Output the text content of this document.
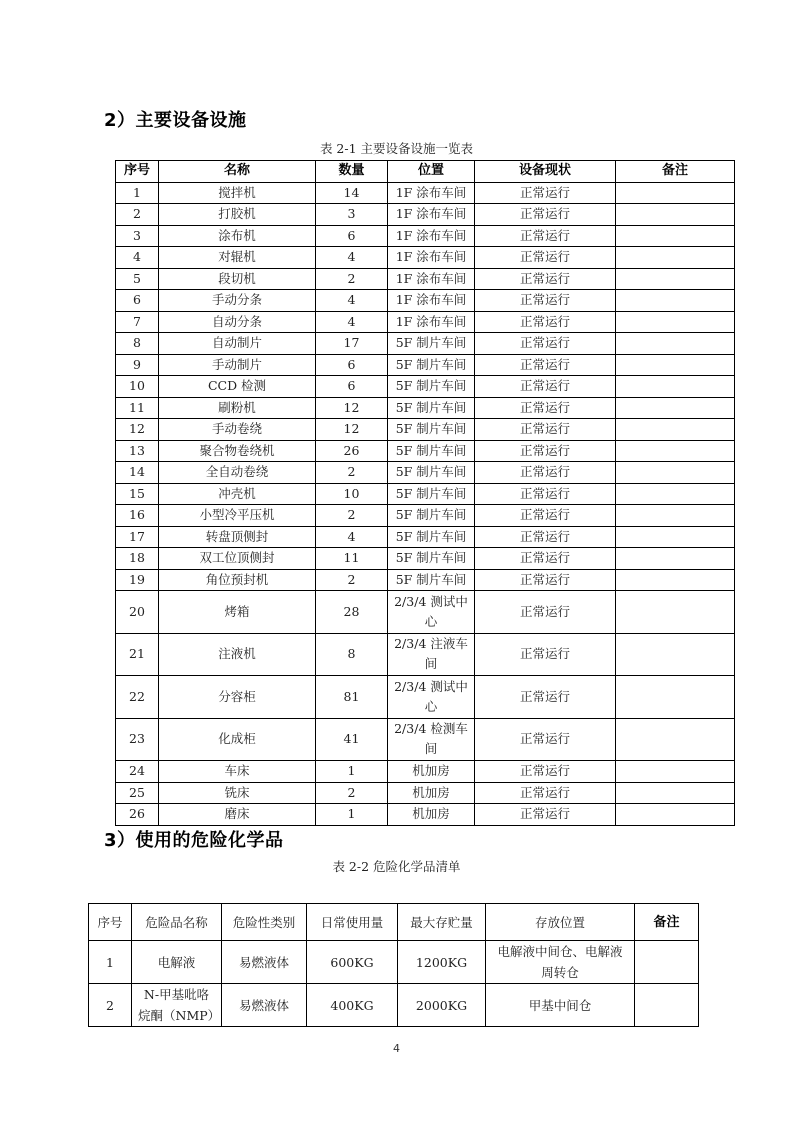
2）主要设备设施
表 2-1 主要设备设施一览表
序号	名称	数量	位置	设备现状	备注
1	搅拌机	14	1F 涂布车间	正常运行	
2	打胶机	3	1F 涂布车间	正常运行	
3	涂布机	6	1F 涂布车间	正常运行	
4	对辊机	4	1F 涂布车间	正常运行	
5	段切机	2	1F 涂布车间	正常运行	
6	手动分条	4	1F 涂布车间	正常运行	
7	自动分条	4	1F 涂布车间	正常运行	
8	自动制片	17	5F 制片车间	正常运行	
9	手动制片	6	5F 制片车间	正常运行	
10	CCD 检测	6	5F 制片车间	正常运行	
11	刷粉机	12	5F 制片车间	正常运行	
12	手动卷绕	12	5F 制片车间	正常运行	
13	聚合物卷绕机	26	5F 制片车间	正常运行	
14	全自动卷绕	2	5F 制片车间	正常运行	
15	冲壳机	10	5F 制片车间	正常运行	
16	小型冷平压机	2	5F 制片车间	正常运行	
17	转盘顶侧封	4	5F 制片车间	正常运行	
18	双工位顶侧封	11	5F 制片车间	正常运行	
19	角位预封机	2	5F 制片车间	正常运行	
20	烤箱	28	2/3/4 测试中心	正常运行	
21	注液机	8	2/3/4 注液车间	正常运行	
22	分容柜	81	2/3/4 测试中心	正常运行	
23	化成柜	41	2/3/4 检测车间	正常运行	
24	车床	1	机加房	正常运行	
25	铣床	2	机加房	正常运行	
26	磨床	1	机加房	正常运行	
3）使用的危险化学品
表 2-2 危险化学品清单
序号	危险品名称	危险性类别	日常使用量	最大存贮量	存放位置	备注
1	电解液	易燃液体	600KG	1200KG	电解液中间仓、电解液周转仓	
2	N-甲基吡咯烷酮（NMP）	易燃液体	400KG	2000KG	甲基中间仓	
4
